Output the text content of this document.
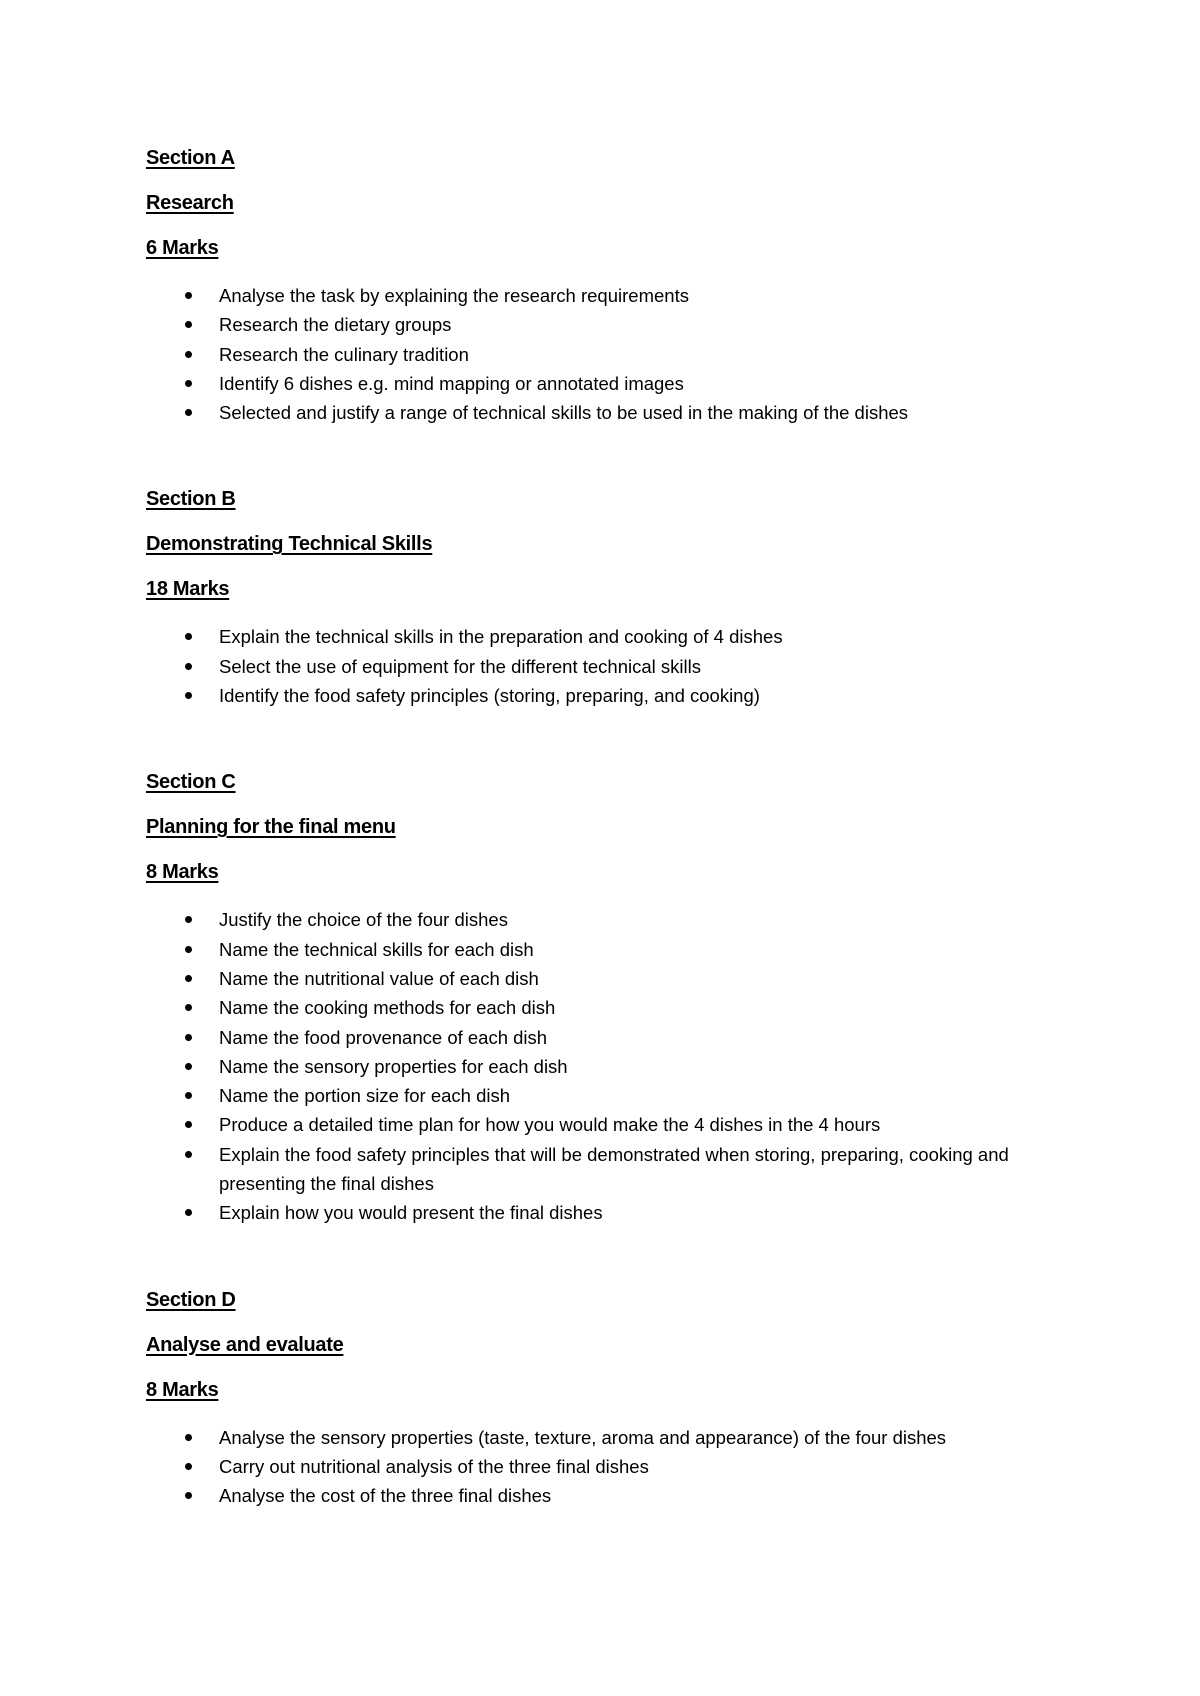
Section A
Research
6 Marks
Analyse the task by explaining the research requirements
Research the dietary groups
Research the culinary tradition
Identify 6 dishes e.g. mind mapping or annotated images
Selected and justify a range of technical skills to be used in the making of the dishes
Section B
Demonstrating Technical Skills
18 Marks
Explain the technical skills in the preparation and cooking of 4 dishes
Select the use of equipment for the different technical skills
Identify the food safety principles (storing, preparing, and cooking)
Section C
Planning for the final menu
8 Marks
Justify the choice of the four dishes
Name the technical skills for each dish
Name the nutritional value of each dish
Name the cooking methods for each dish
Name the food provenance of each dish
Name the sensory properties for each dish
Name the portion size for each dish
Produce a detailed time plan for how you would make the 4 dishes in the 4 hours
Explain the food safety principles that will be demonstrated when storing, preparing, cooking and presenting the final dishes
Explain how you would present the final dishes
Section D
Analyse and evaluate
8 Marks
Analyse the sensory properties (taste, texture, aroma and appearance) of the four dishes
Carry out nutritional analysis of the three final dishes
Analyse the cost of the three final dishes
